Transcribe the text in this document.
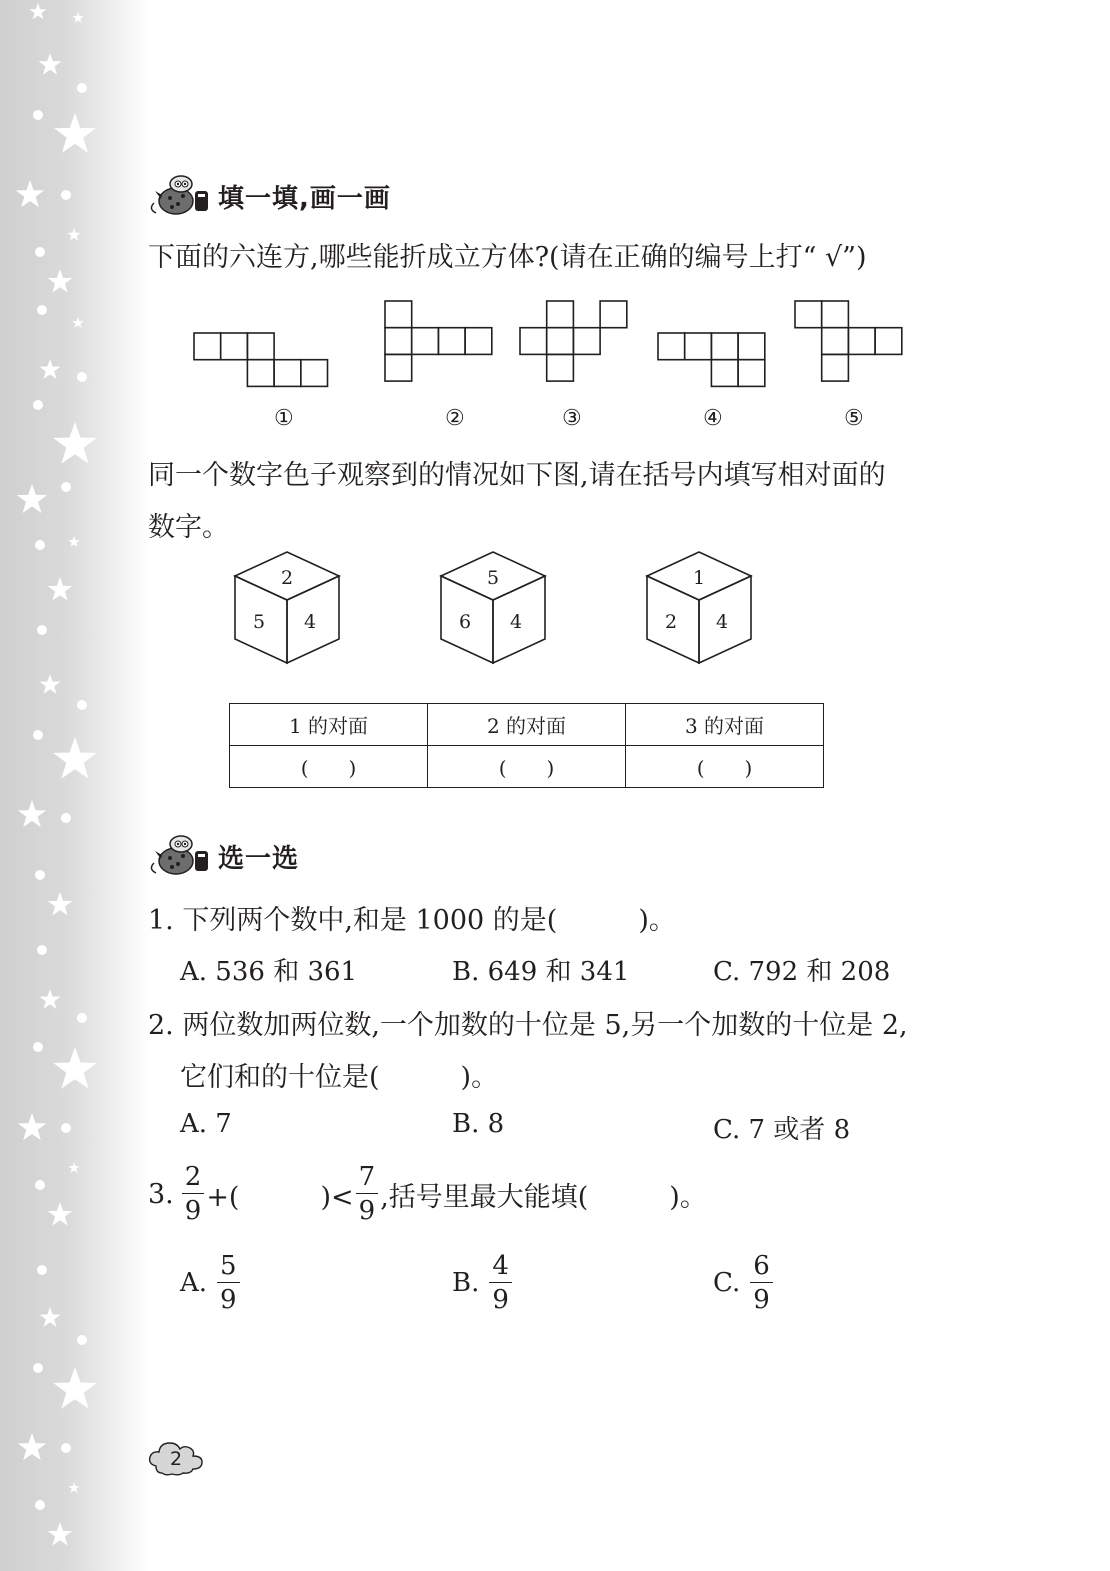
填一填,画一画
下面的六连方,哪些能折成立方体?(请在正确的编号上打“ √”)
①	②	③	④	⑤
同一个数字色子观察到的情况如下图,请在括号内填写相对面的
数字。
2
5 4
5
6 4
1
2 4
1 的对面	2 的对面	3 的对面
(　　)	(　　)	(　　)
选一选
1. 下列两个数中,和是 1000 的是(　　　)。
A. 536 和 361	B. 649 和 341	C. 792 和 208
2. 两位数加两位数,一个加数的十位是 5,另一个加数的十位是 2,
它们和的十位是(　　　)。
A. 7	B. 8	C. 7 或者 8
3. $\frac{2}{9}$ +(　　　)< $\frac{7}{9}$ ,括号里最大能填(　　　)。
A. $\frac{5}{9}$	B. $\frac{4}{9}$	C. $\frac{6}{9}$
2
